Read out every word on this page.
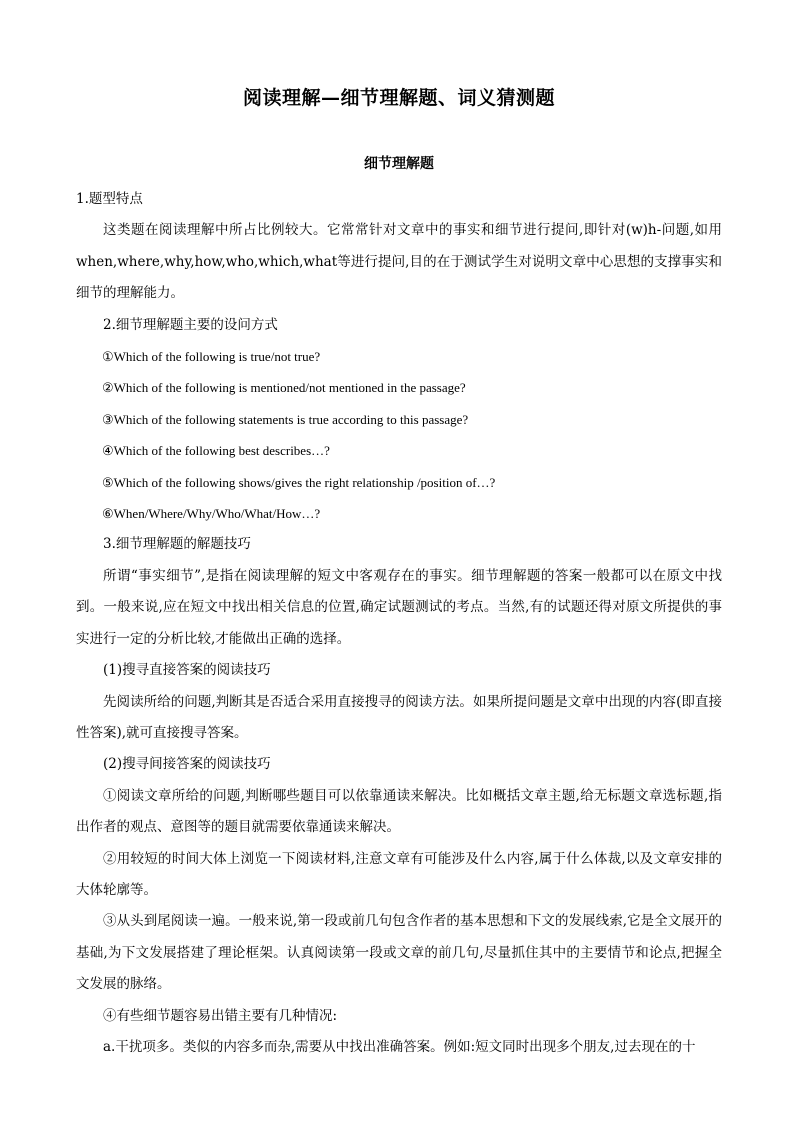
阅读理解—细节理解题、词义猜测题
细节理解题

1.题型特点

这类题在阅读理解中所占比例较大。它常常针对文章中的事实和细节进行提问,即针对(w)h-问题,如用when,where,why,how,who,which,what等进行提问,目的在于测试学生对说明文章中心思想的支撑事实和细节的理解能力。

2.细节理解题主要的设问方式

①Which of the following is true/not true?

②Which of the following is mentioned/not mentioned in the passage?

③Which of the following statements is true according to this passage?

④Which of the following best describes…?

⑤Which of the following shows/gives the right relationship /position of…?

⑥When/Where/Why/Who/What/How…?

3.细节理解题的解题技巧

所谓“事实细节”,是指在阅读理解的短文中客观存在的事实。细节理解题的答案一般都可以在原文中找到。一般来说,应在短文中找出相关信息的位置,确定试题测试的考点。当然,有的试题还得对原文所提供的事实进行一定的分析比较,才能做出正确的选择。

(1)搜寻直接答案的阅读技巧

先阅读所给的问题,判断其是否适合采用直接搜寻的阅读方法。如果所提问题是文章中出现的内容(即直接性答案),就可直接搜寻答案。

(2)搜寻间接答案的阅读技巧

①阅读文章所给的问题,判断哪些题目可以依靠通读来解决。比如概括文章主题,给无标题文章选标题,指出作者的观点、意图等的题目就需要依靠通读来解决。

②用较短的时间大体上浏览一下阅读材料,注意文章有可能涉及什么内容,属于什么体裁,以及文章安排的大体轮廓等。

③从头到尾阅读一遍。一般来说,第一段或前几句包含作者的基本思想和下文的发展线索,它是全文展开的基础,为下文发展搭建了理论框架。认真阅读第一段或文章的前几句,尽量抓住其中的主要情节和论点,把握全文发展的脉络。

④有些细节题容易出错主要有几种情况:

a.干扰项多。类似的内容多而杂,需要从中找出准确答案。例如:短文同时出现多个朋友,过去现在的十
